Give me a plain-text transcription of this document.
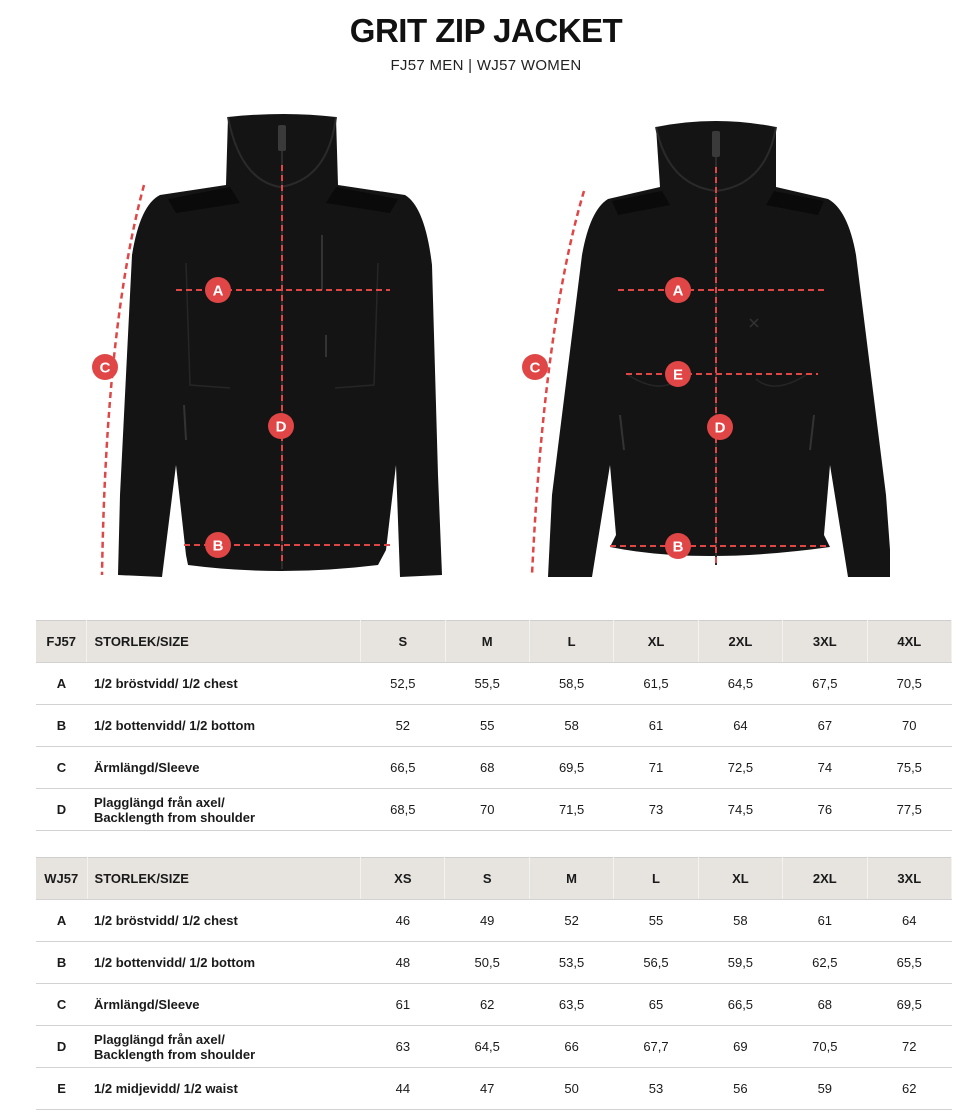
GRIT ZIP JACKET
FJ57 MEN | WJ57 WOMEN
A
B
C
D
A
E
D
B
C
FJ57	STORLEK/SIZE	S	M	L	XL	2XL	3XL	4XL
A	1/2 bröstvidd/ 1/2 chest	52,5	55,5	58,5	61,5	64,5	67,5	70,5
B	1/2 bottenvidd/ 1/2 bottom	52	55	58	61	64	67	70
C	Ärmlängd/Sleeve	66,5	68	69,5	71	72,5	74	75,5
D	Plagglängd från axel/
Backlength from shoulder	68,5	70	71,5	73	74,5	76	77,5
WJ57	STORLEK/SIZE	XS	S	M	L	XL	2XL	3XL
A	1/2 bröstvidd/ 1/2 chest	46	49	52	55	58	61	64
B	1/2 bottenvidd/ 1/2 bottom	48	50,5	53,5	56,5	59,5	62,5	65,5
C	Ärmlängd/Sleeve	61	62	63,5	65	66,5	68	69,5
D	Plagglängd från axel/
Backlength from shoulder	63	64,5	66	67,7	69	70,5	72
E	1/2 midjevidd/ 1/2 waist	44	47	50	53	56	59	62
